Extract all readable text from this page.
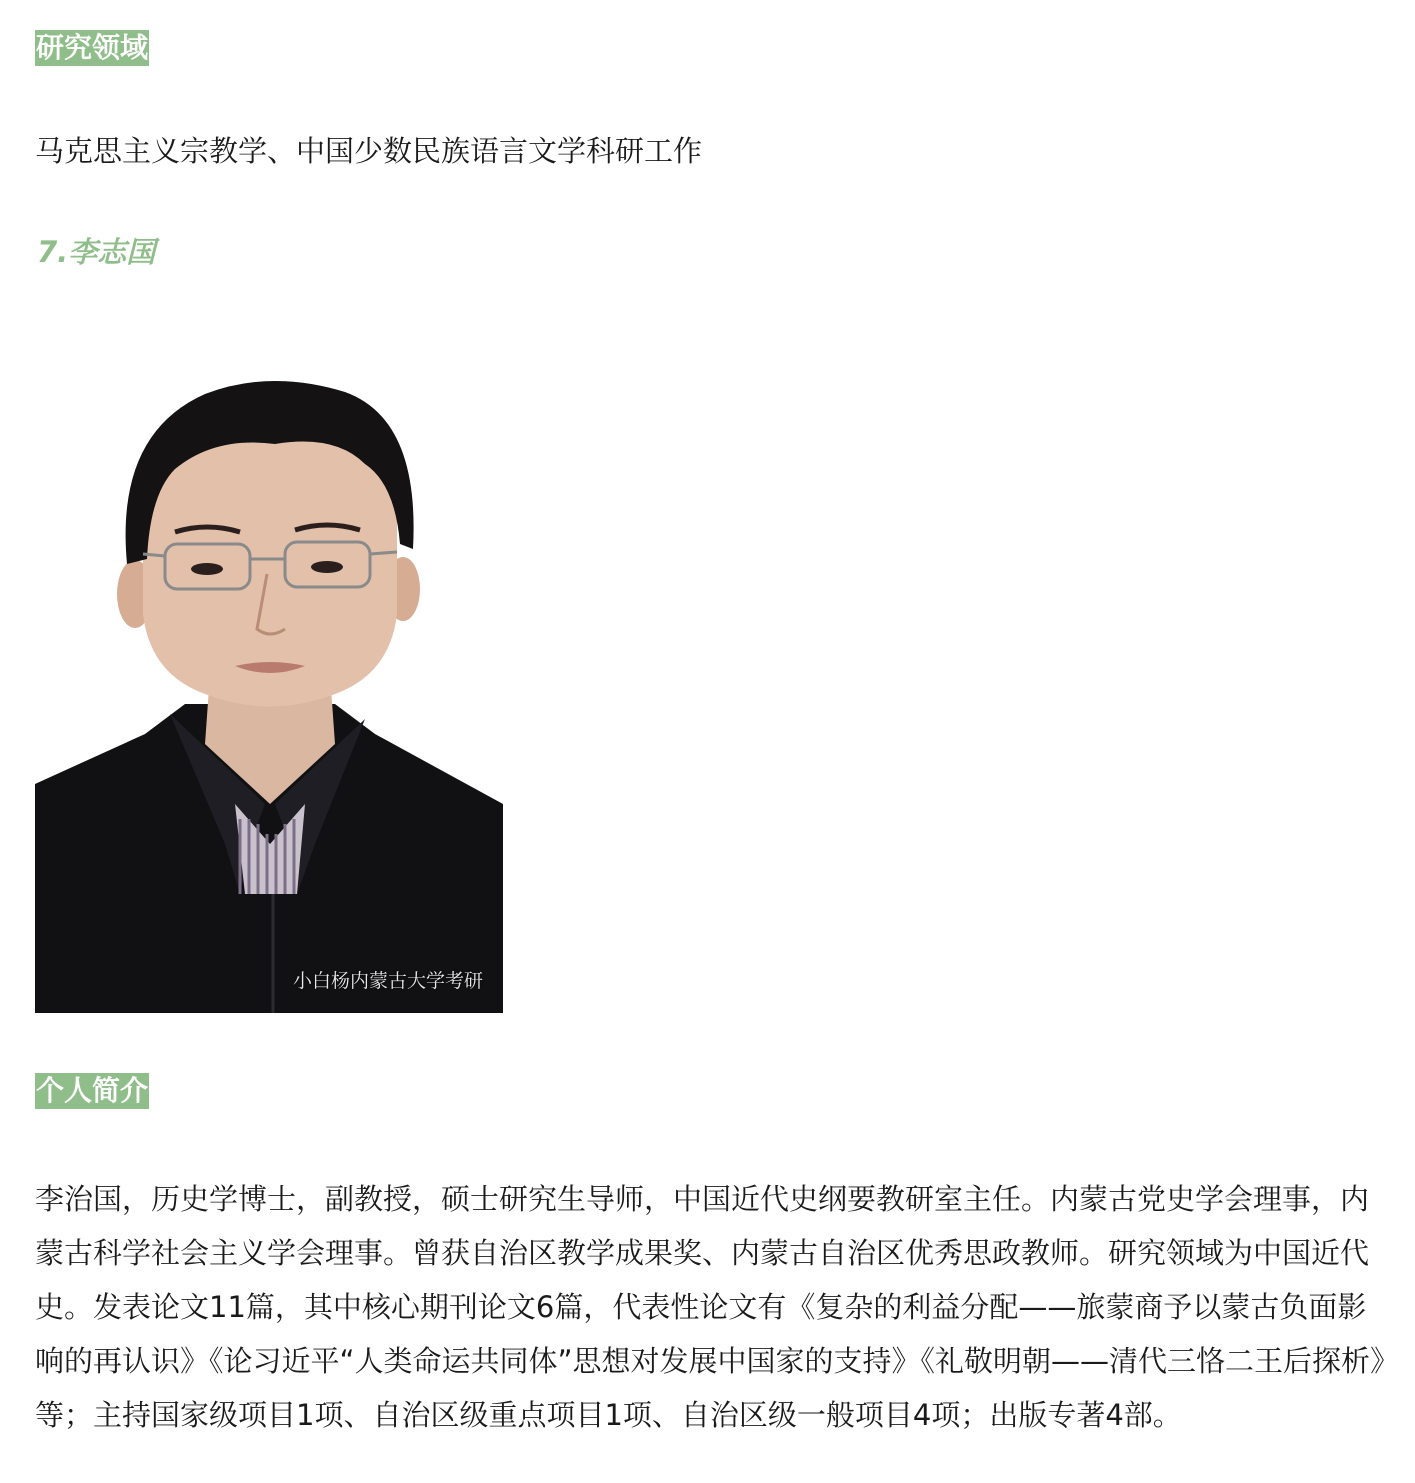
研究领域
马克思主义宗教学、中国少数民族语言文学科研工作
7.李志国
小白杨内蒙古大学考研
个人简介
李治国，历史学博士，副教授，硕士研究生导师，中国近代史纲要教研室主任。内蒙古党史学会理事，内蒙古科学社会主义学会理事。曾获自治区教学成果奖、内蒙古自治区优秀思政教师。研究领域为中国近代史。发表论文11篇，其中核心期刊论文6篇，代表性论文有《复杂的利益分配——旅蒙商予以蒙古负面影响的再认识》《论习近平“人类命运共同体”思想对发展中国家的支持》《礼敬明朝——清代三恪二王后探析》等；主持国家级项目1项、自治区级重点项目1项、自治区级一般项目4项；出版专著4部。
